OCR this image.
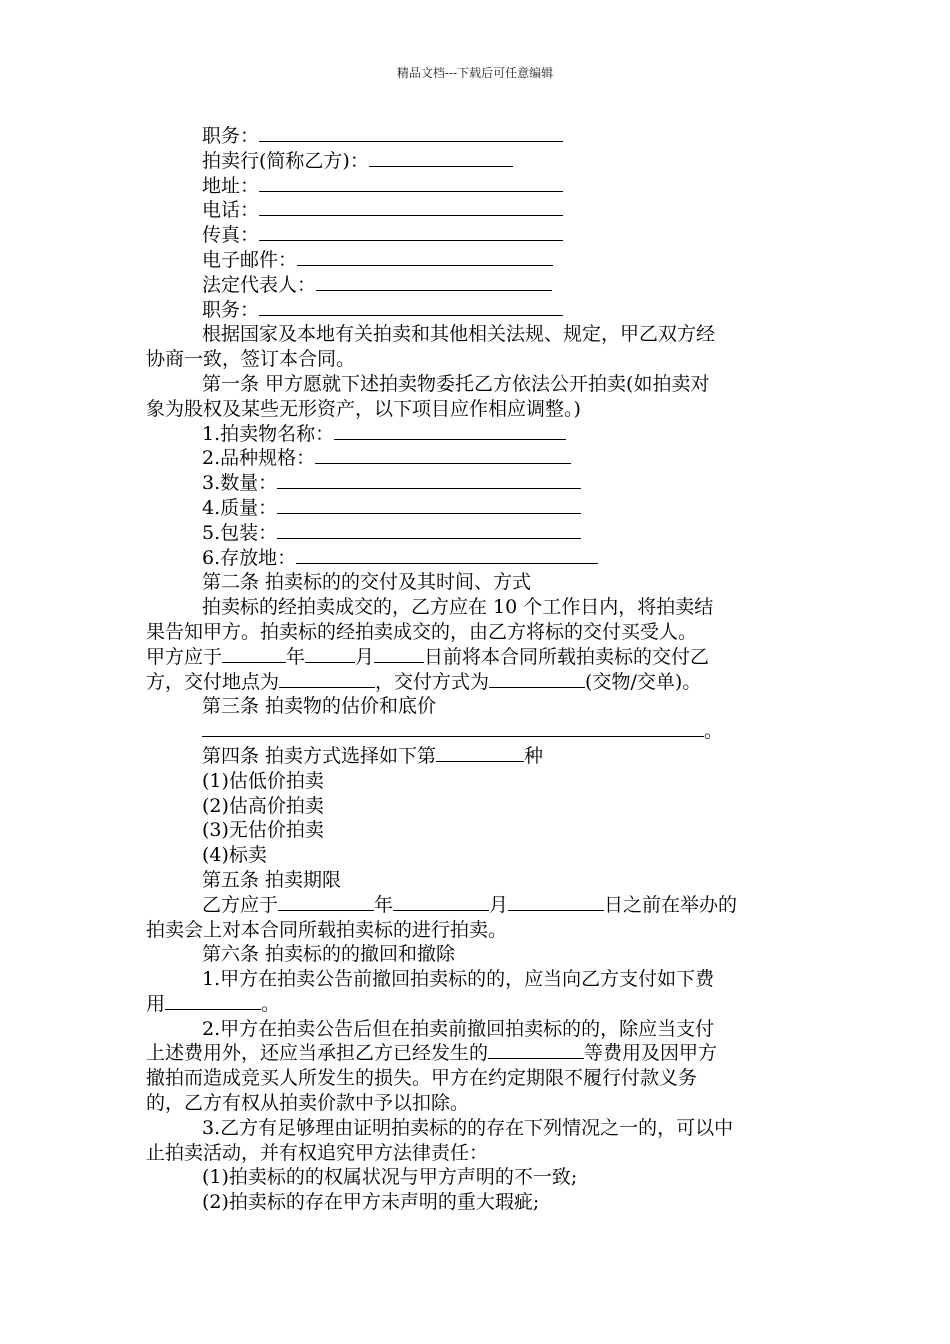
精品文档---下载后可任意编辑
职务：
拍卖行(简称乙方)：
地址：
电话：
传真：
电子邮件：
法定代表人：
职务：
根据国家及本地有关拍卖和其他相关法规、规定，甲乙双方经
协商一致，签订本合同。
第一条 甲方愿就下述拍卖物委托乙方依法公开拍卖(如拍卖对
象为股权及某些无形资产，以下项目应作相应调整。)
1.拍卖物名称：
2.品种规格：
3.数量：
4.质量：
5.包装：
6.存放地：
第二条 拍卖标的的交付及其时间、方式
拍卖标的经拍卖成交的，乙方应在 10 个工作日内，将拍卖结
果告知甲方。拍卖标的经拍卖成交的，由乙方将标的交付买受人。
甲方应于	年	月	日前将本合同所载拍卖标的交付乙
方，交付地点为	，交付方式为	(交物/交单)。
第三条 拍卖物的估价和底价
。
第四条 拍卖方式选择如下第	种
(1)估低价拍卖
(2)估高价拍卖
(3)无估价拍卖
(4)标卖
第五条 拍卖期限
乙方应于	年	月	日之前在举办的
拍卖会上对本合同所载拍卖标的进行拍卖。
第六条 拍卖标的的撤回和撤除
1.甲方在拍卖公告前撤回拍卖标的的，应当向乙方支付如下费
用	。
2.甲方在拍卖公告后但在拍卖前撤回拍卖标的的，除应当支付
上述费用外，还应当承担乙方已经发生的	等费用及因甲方
撤拍而造成竞买人所发生的损失。甲方在约定期限不履行付款义务
的，乙方有权从拍卖价款中予以扣除。
3.乙方有足够理由证明拍卖标的的存在下列情况之一的，可以中
止拍卖活动，并有权追究甲方法律责任：
(1)拍卖标的的权属状况与甲方声明的不一致;
(2)拍卖标的存在甲方未声明的重大瑕疵;
